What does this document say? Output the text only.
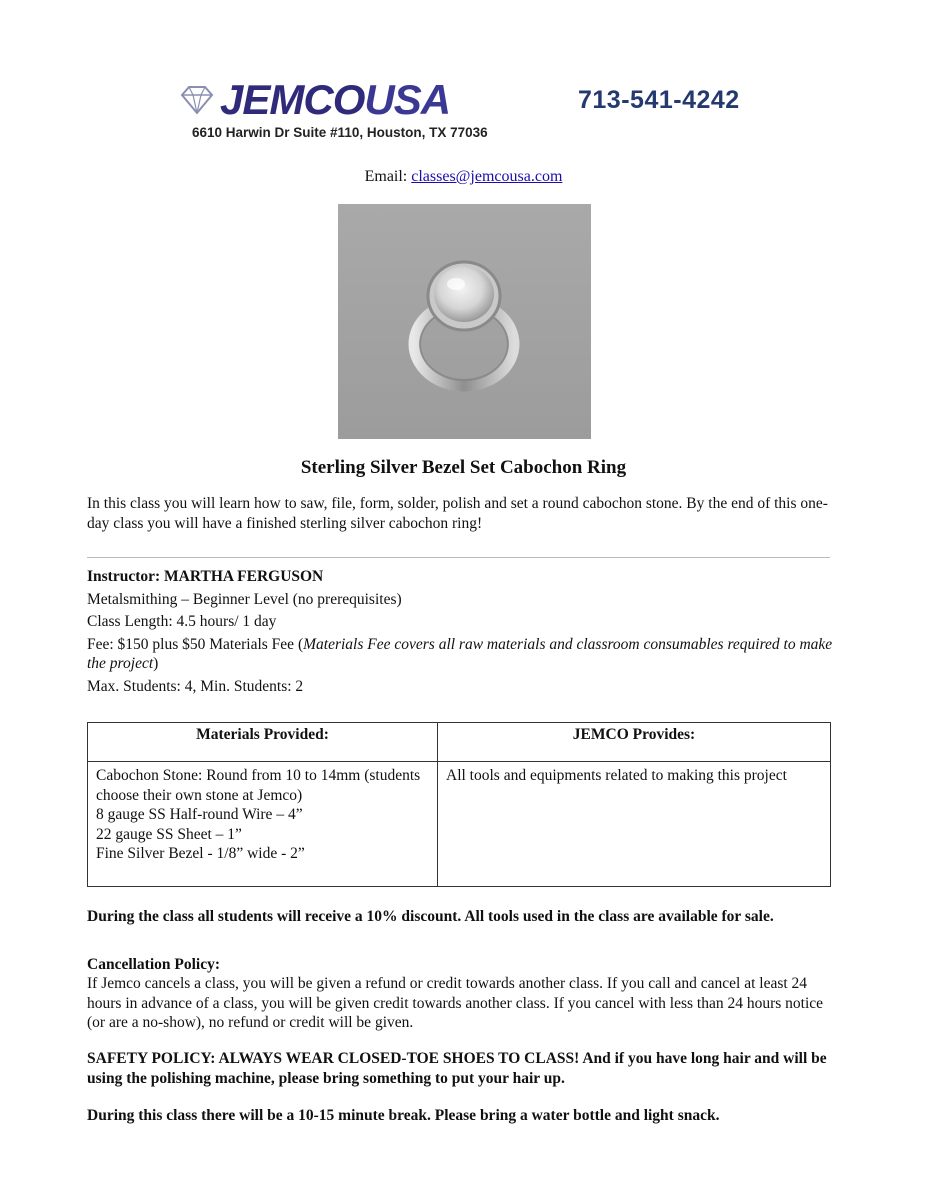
JEMCOUSA	713-541-4242
6610 Harwin Dr Suite #110, Houston, TX 77036
Email: classes@jemcousa.com
Sterling Silver Bezel Set Cabochon Ring
In this class you will learn how to saw, file, form, solder, polish and set a round cabochon stone. By the end of this one-day class you will have a finished sterling silver cabochon ring!

Instructor: MARTHA FERGUSON

Metalsmithing – Beginner Level (no prerequisites)

Class Length: 4.5 hours/ 1 day

Fee: $150 plus $50 Materials Fee (Materials Fee covers all raw materials and classroom consumables required to make the project)

Max. Students: 4, Min. Students: 2

Materials Provided:	JEMCO Provides:

Cabochon Stone: Round from 10 to 14mm (students choose their own stone at Jemco)
8 gauge SS Half-round Wire – 4”
22 gauge SS Sheet – 1”
Fine Silver Bezel - 1/8” wide - 2”	All tools and equipments related to making this project
During the class all students will receive a 10% discount. All tools used in the class are available for sale.
Cancellation Policy:
If Jemco cancels a class, you will be given a refund or credit towards another class. If you call and cancel at least 24 hours in advance of a class, you will be given credit towards another class. If you cancel with less than 24 hours notice (or are a no-show), no refund or credit will be given.
SAFETY POLICY: ALWAYS WEAR CLOSED-TOE SHOES TO CLASS! And if you have long hair and will be using the polishing machine, please bring something to put your hair up.
During this class there will be a 10-15 minute break. Please bring a water bottle and light snack.
